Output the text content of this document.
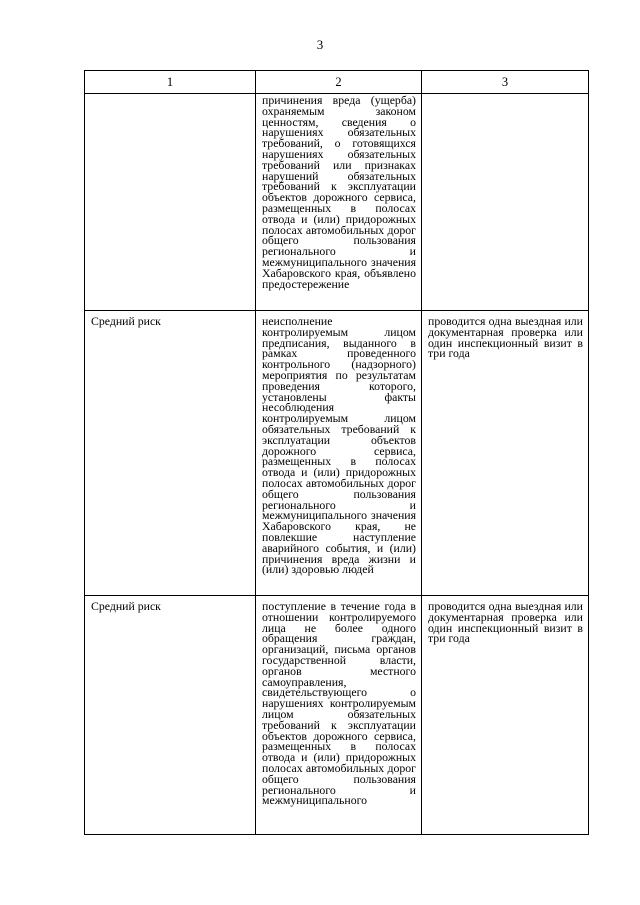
3
1	2	3

	причинения вреда (ущерба) охраняемым законом ценностям, сведения о нарушениях обязательных требований, о готовящихся нарушениях обязательных требований или признаках нарушений обязательных требований к эксплуатации объектов дорожного сервиса, размещенных в полосах отвода и (или) придорожных полосах автомобильных дорог общего пользования регионального и межмуниципального значения Хабаровского края, объявлено предостережение	

Средний риск	неисполнение контролируемым лицом предписания, выданного в рамках проведенного контрольного (надзорного) мероприятия по результатам проведения которого, установлены факты несоблюдения контролируемым лицом обязательных требований к эксплуатации объектов дорожного сервиса, размещенных в полосах отвода и (или) придорожных полосах автомобильных дорог общего пользования регионального и межмуниципального значения Хабаровского края, не повлекшие наступление аварийного события, и (или) причинения вреда жизни и (или) здоровью людей	проводится одна выездная или документарная проверка или один инспекционный визит в три года

Средний риск	поступление в течение года в отношении контролируемого лица не более одного обращения граждан, организаций, письма органов государственной власти, органов местного самоуправления, свидетельствующего о нарушениях контролируемым лицом обязательных требований к эксплуатации объектов дорожного сервиса, размещенных в полосах отвода и (или) придорожных полосах автомобильных дорог общего пользования регионального и межмуниципального	проводится одна выездная или документарная проверка или один инспекционный визит в три года
